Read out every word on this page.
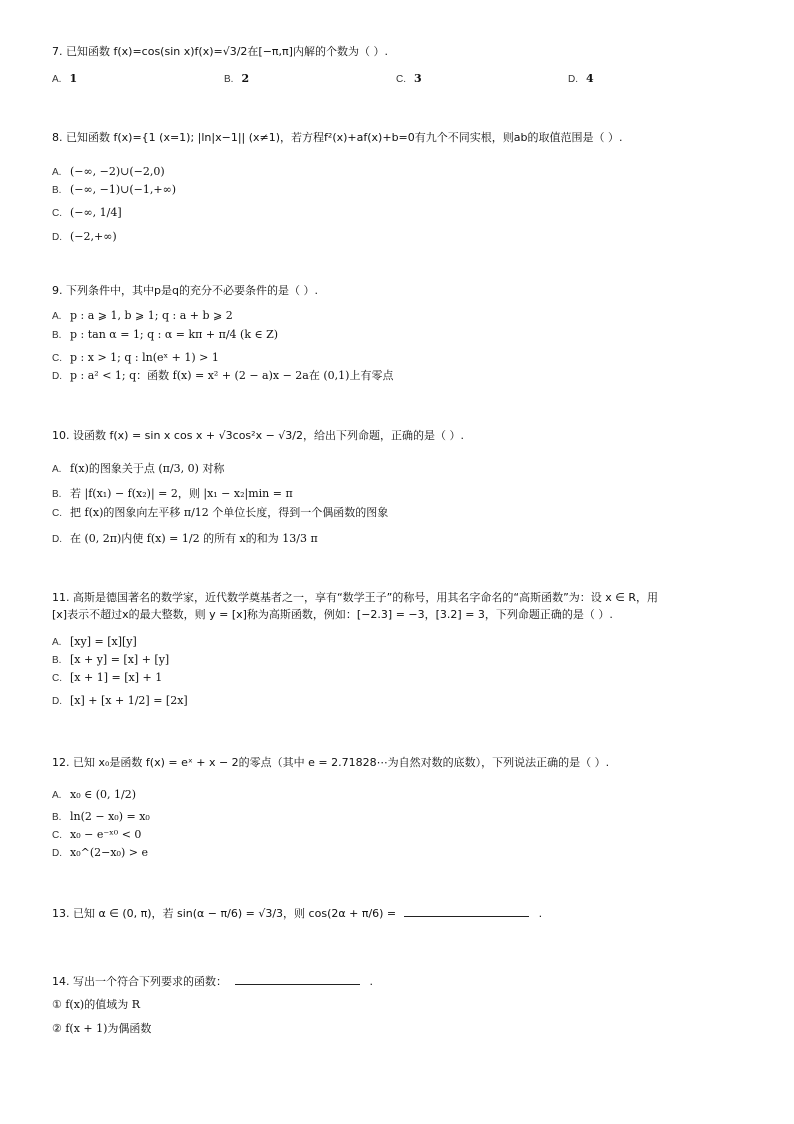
7. 已知函数 f(x)=cos(sin x)f(x)=√3/2在[−π,π]内解的个数为（ ）.
A. 1	B. 2	C. 3	D. 4
8. 已知函数 f(x)={1 (x=1); |ln|x−1|| (x≠1)，若方程f²(x)+af(x)+b=0有九个不同实根，则ab的取值范围是（ ）.
A. (−∞, −2)∪(−2,0)
B. (−∞, −1)∪(−1,+∞)
C. (−∞, 1/4]
D. (−2,+∞)
9. 下列条件中，其中p是q的充分不必要条件的是（ ）.
A. p : a ⩾ 1, b ⩾ 1; q : a + b ⩾ 2
B. p : tan α = 1; q : α = kπ + π/4 (k ∈ Z)
C. p : x > 1; q : ln(eˣ + 1) > 1
D. p : a² < 1; q：函数 f(x) = x² + (2 − a)x − 2a在 (0,1)上有零点
10. 设函数 f(x) = sin x cos x + √3cos²x − √3/2，给出下列命题，正确的是（ ）.
A. f(x)的图象关于点 (π/3, 0) 对称
B. 若 |f(x₁) − f(x₂)| = 2，则 |x₁ − x₂|min = π
C. 把 f(x)的图象向左平移 π/12 个单位长度，得到一个偶函数的图象
D. 在 (0, 2π)内使 f(x) = 1/2 的所有 x的和为 13/3 π
11. 高斯是德国著名的数学家，近代数学奠基者之一，享有“数学王子”的称号，用其名字命名的“高斯函数”为：设 x ∈ R，用
[x]表示不超过x的最大整数，则 y = [x]称为高斯函数，例如：[−2.3] = −3，[3.2] = 3，下列命题正确的是（ ）.
A. [xy] = [x][y]
B. [x + y] = [x] + [y]
C. [x + 1] = [x] + 1
D. [x] + [x + 1/2] = [2x]
12. 已知 x₀是函数 f(x) = eˣ + x − 2的零点（其中 e = 2.71828⋯为自然对数的底数），下列说法正确的是（ ）.
A. x₀ ∈ (0, 1/2)
B. ln(2 − x₀) = x₀
C. x₀ − e⁻ˣ⁰ < 0
D. x₀^(2−x₀) > e
13. 已知 α ∈ (0, π)，若 sin(α − π/6) = √3/3，则 cos(2α + π/6) =	.
14. 写出一个符合下列要求的函数：	.
① f(x)的值域为 R
② f(x + 1)为偶函数
